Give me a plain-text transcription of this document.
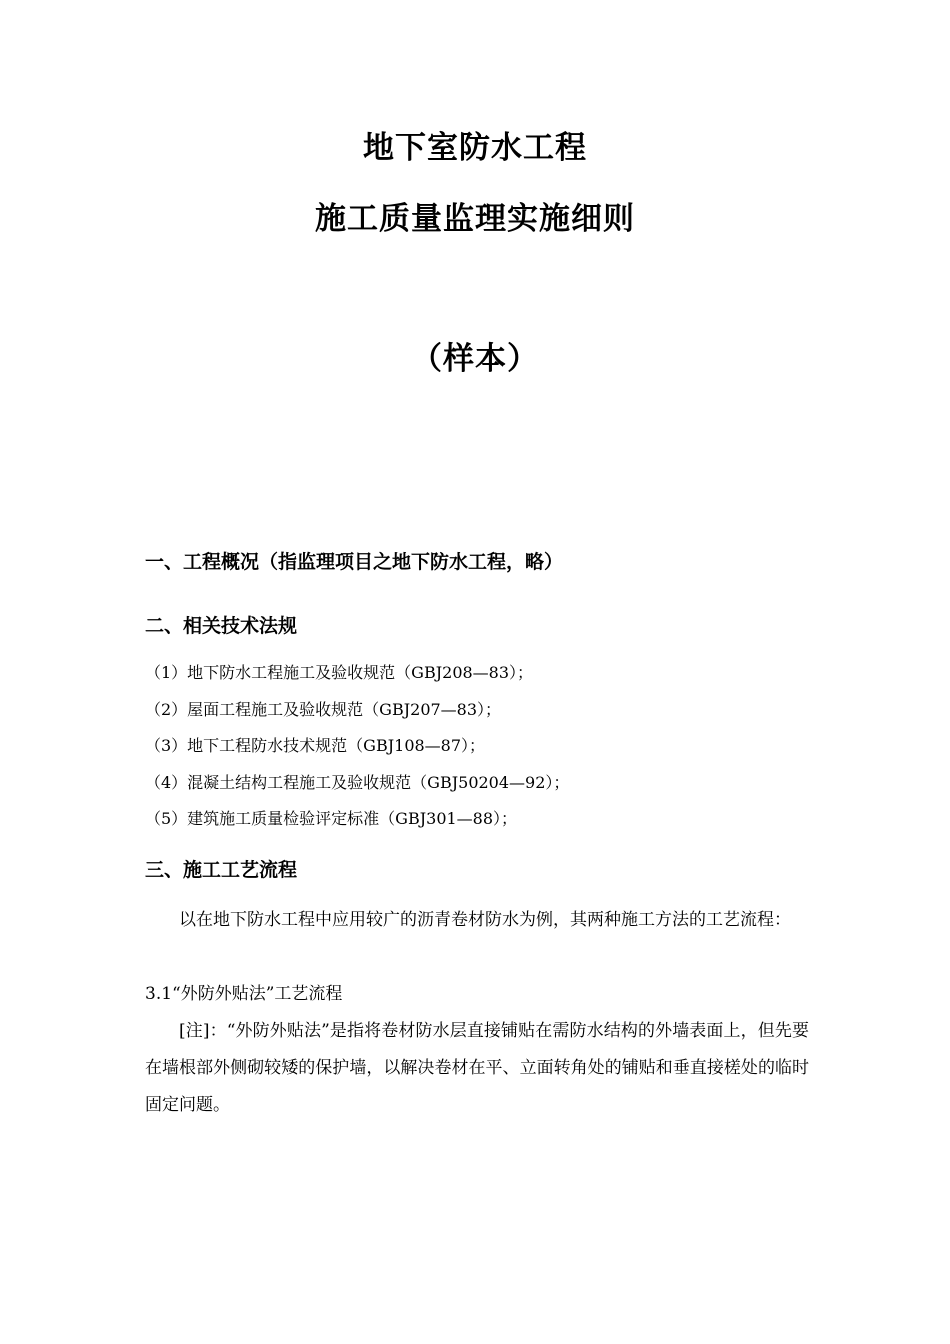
地下室防水工程
施工质量监理实施细则
（样本）
一、工程概况（指监理项目之地下防水工程，略）
二、相关技术法规
（1）地下防水工程施工及验收规范（GBJ208—83）；
（2）屋面工程施工及验收规范（GBJ207—83）；
（3）地下工程防水技术规范（GBJ108—87）；
（4）混凝土结构工程施工及验收规范（GBJ50204—92）；
（5）建筑施工质量检验评定标准（GBJ301—88）；
三、施工工艺流程

以在地下防水工程中应用较广的沥青卷材防水为例，其两种施工方法的工艺流程：

3.1“外防外贴法”工艺流程

[注]：“外防外贴法”是指将卷材防水层直接铺贴在需防水结构的外墙表面上，但先要在墙根部外侧砌较矮的保护墙，以解决卷材在平、立面转角处的铺贴和垂直接槎处的临时固定问题。
